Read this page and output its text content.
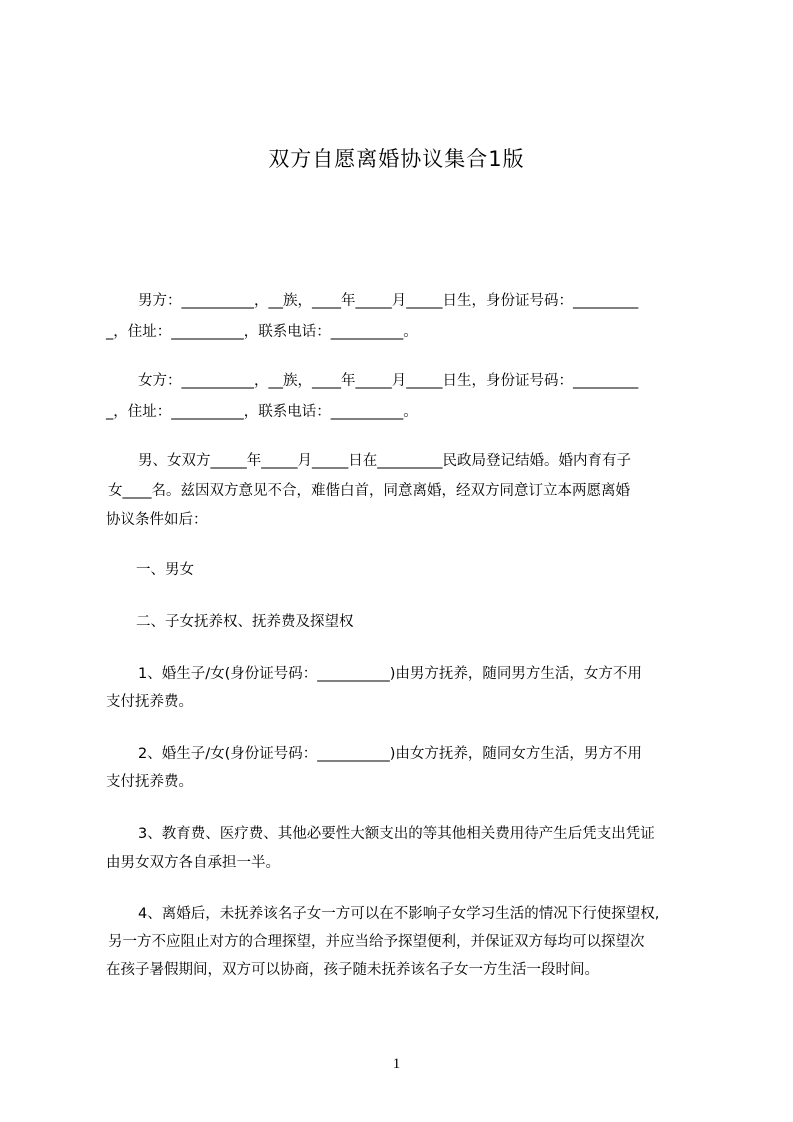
双方自愿离婚协议集合1版
男方：__________，__族，____年_____月_____日生，身份证号码：_________
_，住址：__________，联系电话：__________。
女方：__________，__族，____年_____月_____日生，身份证号码：_________
_，住址：__________，联系电话：__________。
男、女双方_____年_____月_____日在_________民政局登记结婚。婚内育有子
女____名。兹因双方意见不合，难偕白首，同意离婚，经双方同意订立本两愿离婚
协议条件如后：
一、男女
二、子女抚养权、抚养费及探望权
1、婚生子/女(身份证号码：__________)由男方抚养，随同男方生活，女方不用
支付抚养费。
2、婚生子/女(身份证号码：__________)由女方抚养，随同女方生活，男方不用
支付抚养费。
3、教育费、医疗费、其他必要性大额支出的等其他相关费用待产生后凭支出凭证
由男女双方各自承担一半。
4、离婚后，未抚养该名子女一方可以在不影响子女学习生活的情况下行使探望权,
另一方不应阻止对方的合理探望，并应当给予探望便利，并保证双方每均可以探望次
在孩子暑假期间，双方可以协商，孩子随未抚养该名子女一方生活一段时间。
1
